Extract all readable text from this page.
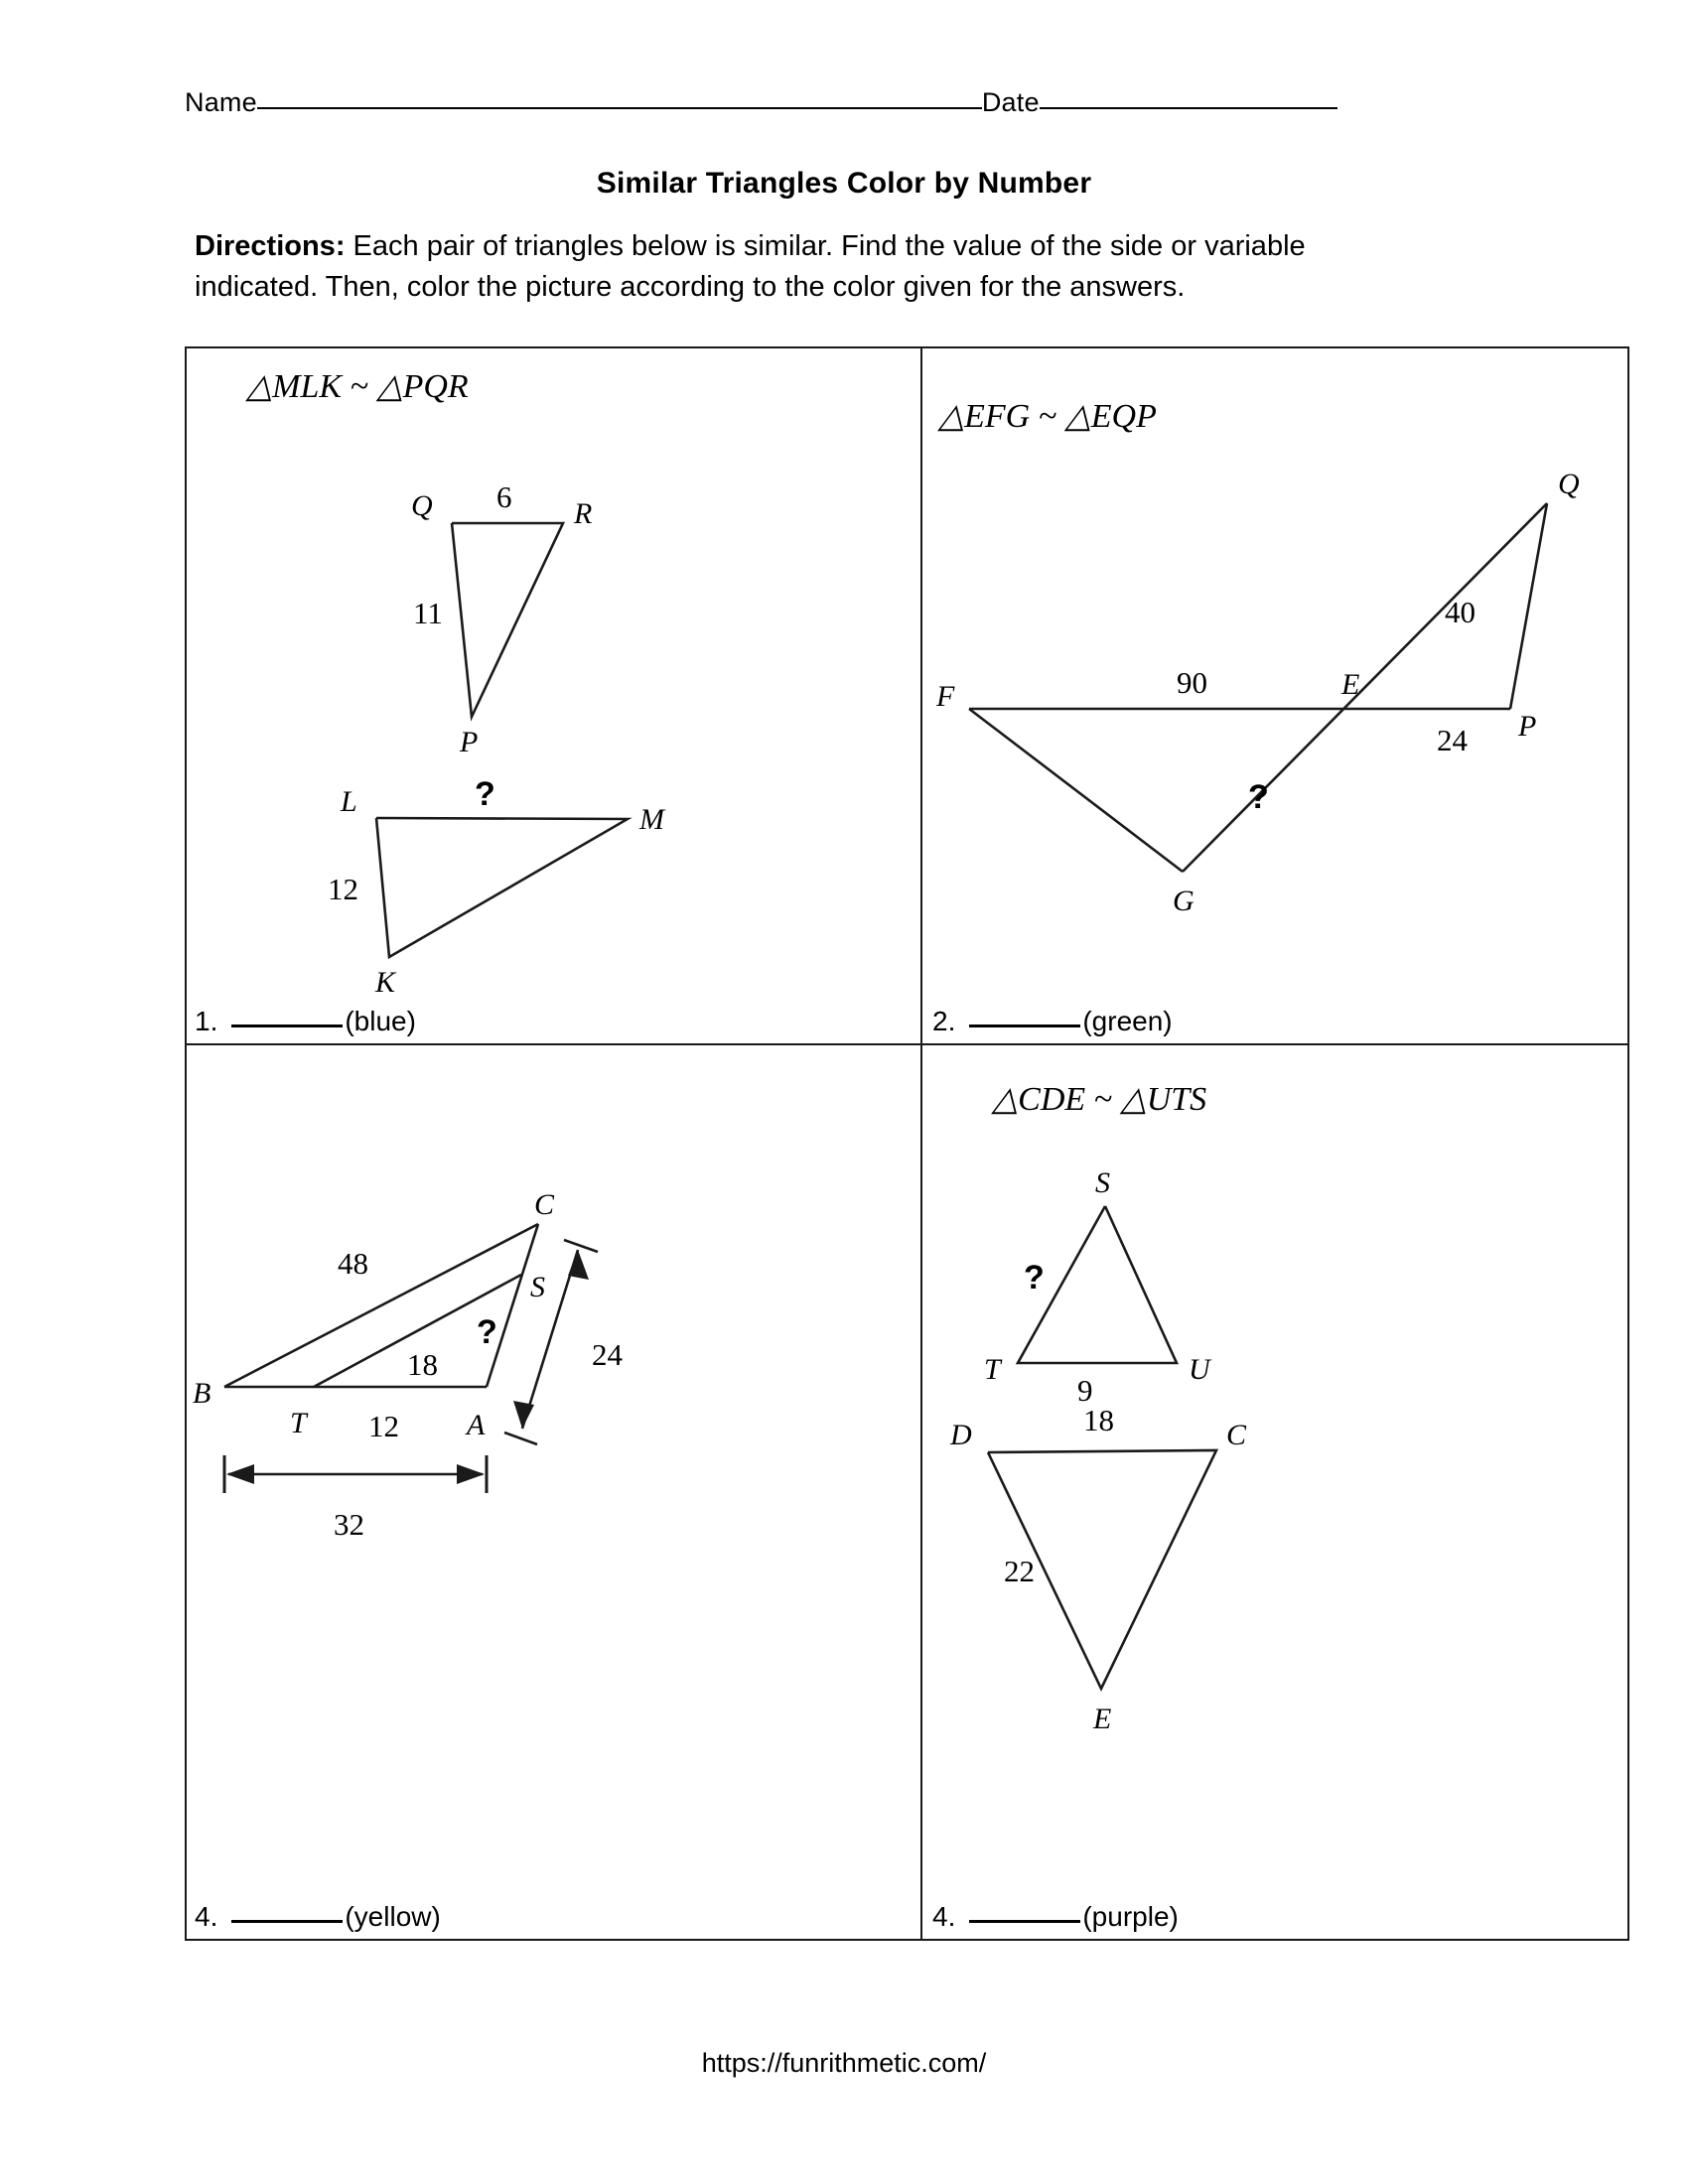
Name	Date
Similar Triangles Color by Number
Directions: Each pair of triangles below is similar. Find the value of the side or variable
indicated. Then, color the picture according to the color given for the answers.
△MLK ~ △PQR
Q	R
P
6
11
L
M
K
?
12
1.	(blue)
△EFG ~ △EQP
Q
F	E
P
G
40
90
24
?
2.	(green)
48
18
12
?
B
C
S
T	A
24
32
4.	(yellow)
△CDE ~ △UTS
S
T	U
9
?
D	C
E
18
22
4.	(purple)
https://funrithmetic.com/
